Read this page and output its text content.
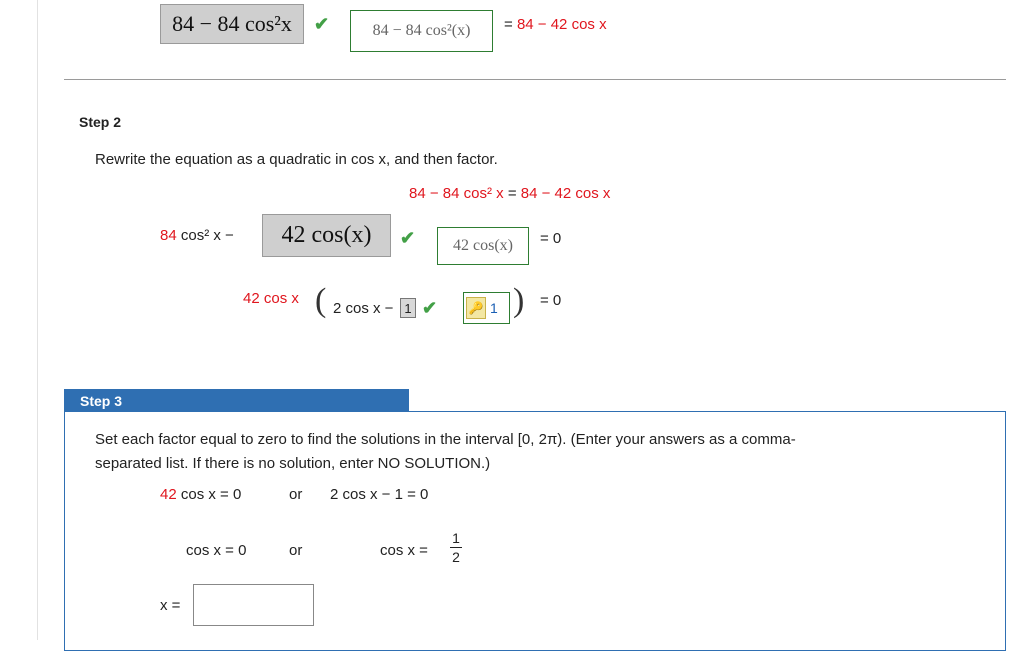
84 − 84 cos²x ✔	84 − 84 cos²(x) = 84 − 42 cos x
Step 2
Rewrite the equation as a quadratic in cos x, and then factor.
84 − 84 cos² x = 84 − 42 cos x
84 cos² x − 42 cos(x) ✔ 42 cos(x) = 0
42 cos x ( 2 cos x − 1 ✔	🔑 1 ) = 0
Step 3
Set each factor equal to zero to find the solutions in the interval [0, 2π). (Enter your answers as a comma-
separated list. If there is no solution, enter NO SOLUTION.)
42 cos x = 0	or 2 cos x − 1 = 0
cos x = 0	or	cos x =
1
2
x =
